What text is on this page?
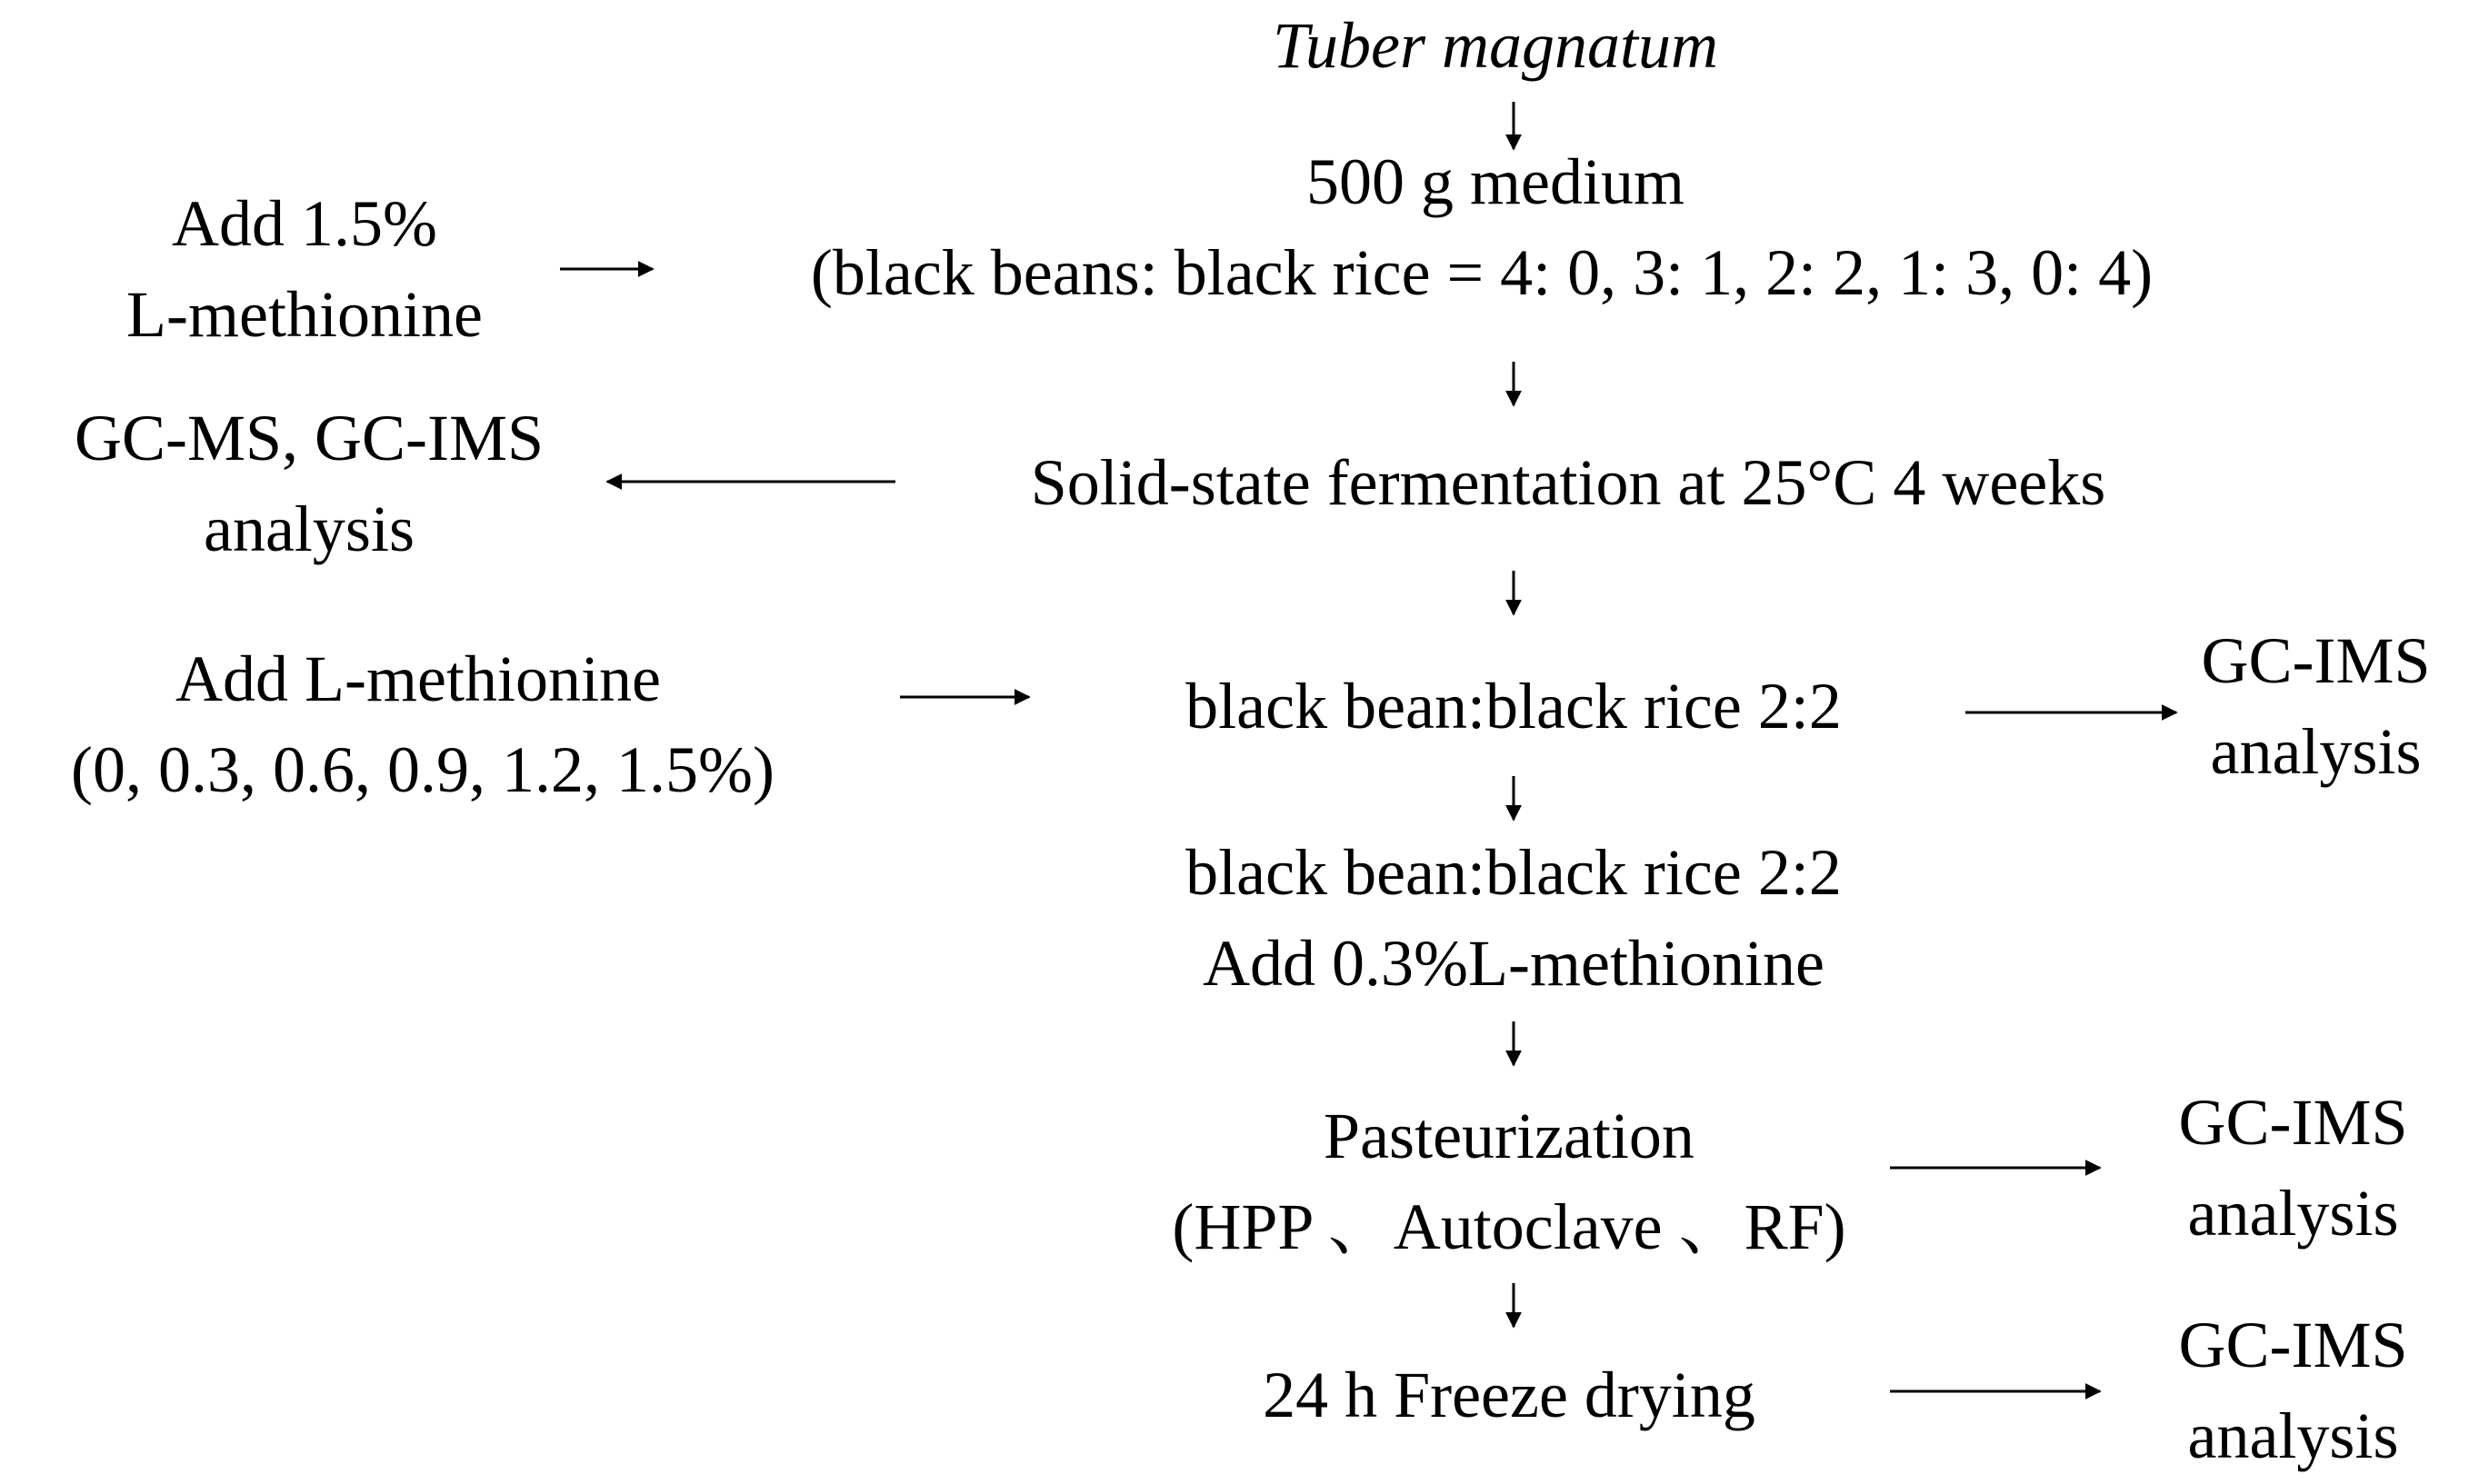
Tuber magnatum
500 g medium
(black beans: black rice = 4: 0, 3: 1, 2: 2, 1: 3, 0: 4)
Add 1.5%
L-methionine
GC-MS, GC-IMS
analysis
Solid-state fermentation at 25°C 4 weeks
Add L-methionine
(0, 0.3, 0.6, 0.9, 1.2, 1.5%)
black bean:black rice 2:2
GC-IMS
analysis
black bean:black rice 2:2
Add 0.3%L-methionine
Pasteurization
(HPP 、Autoclave 、RF)
GC-IMS
analysis
24 h Freeze drying
GC-IMS
analysis
